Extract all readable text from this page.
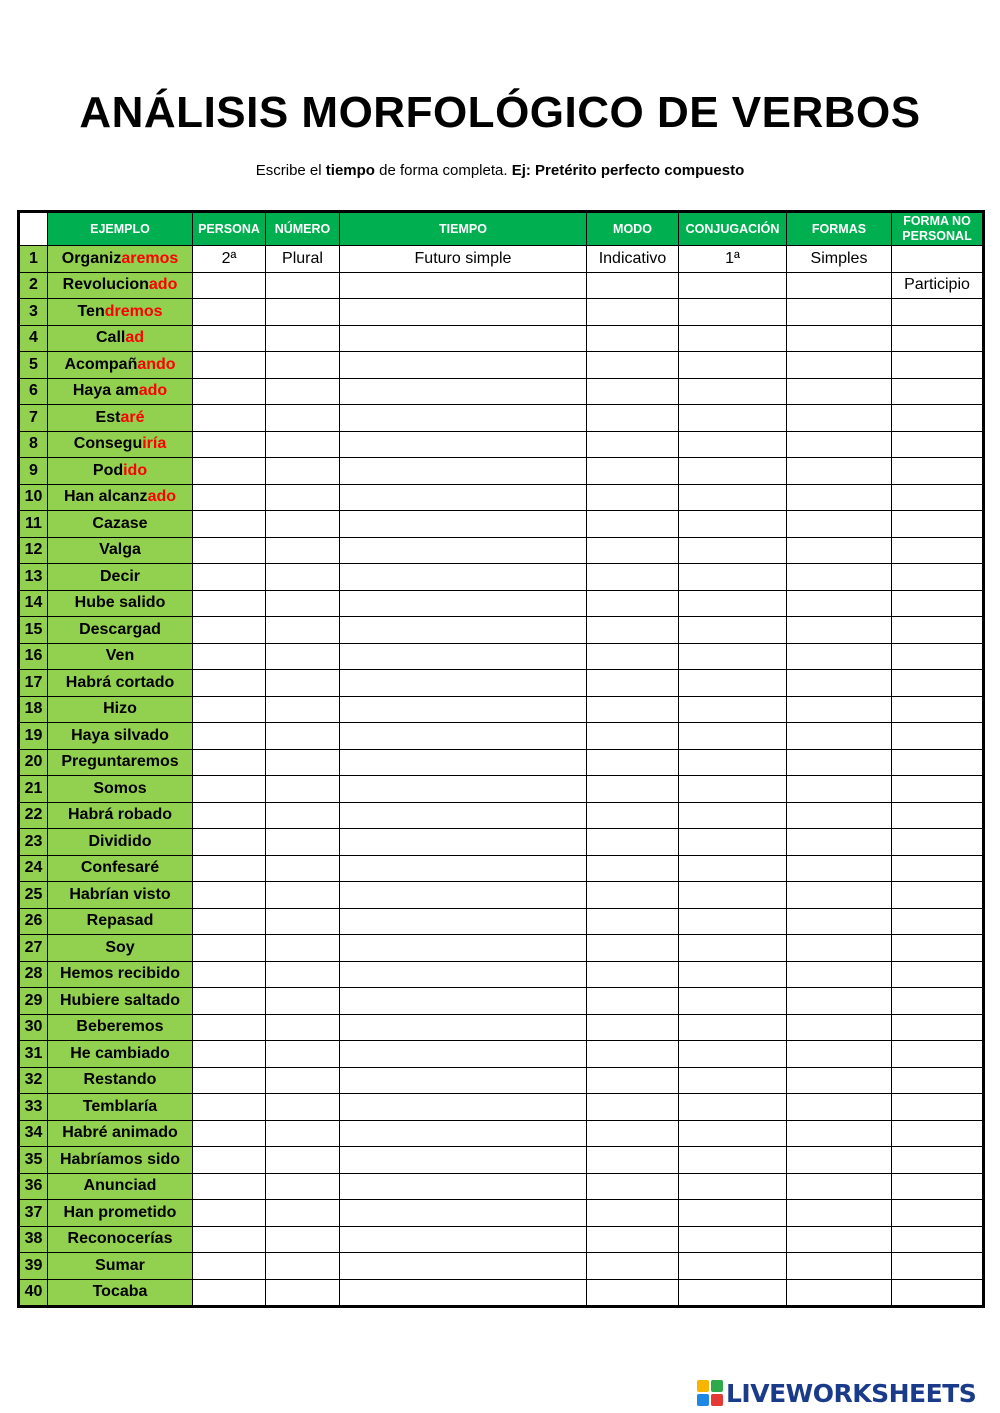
ANÁLISIS MORFOLÓGICO DE VERBOS
Escribe el tiempo de forma completa. Ej: Pretérito perfecto compuesto
	EJEMPLO	PERSONA	NÚMERO	TIEMPO	MODO	CONJUGACIÓN	FORMAS	FORMA NO PERSONAL
1	Organizaremos	2ª	Plural	Futuro simple	Indicativo	1ª	Simples	
2	Revolucionado							Participio
3	Tendremos							
4	Callad							
5	Acompañando							
6	Haya amado							
7	Estaré							
8	Conseguiría							
9	Podido							
10	Han alcanzado							
11	Cazase							
12	Valga							
13	Decir							
14	Hube salido							
15	Descargad							
16	Ven							
17	Habrá cortado							
18	Hizo							
19	Haya silvado							
20	Preguntaremos							
21	Somos							
22	Habrá robado							
23	Dividido							
24	Confesaré							
25	Habrían visto							
26	Repasad							
27	Soy							
28	Hemos recibido							
29	Hubiere saltado							
30	Beberemos							
31	He cambiado							
32	Restando							
33	Temblaría							
34	Habré animado							
35	Habríamos sido							
36	Anunciad							
37	Han prometido							
38	Reconocerías							
39	Sumar							
40	Tocaba							
LIVEWORKSHEETS
